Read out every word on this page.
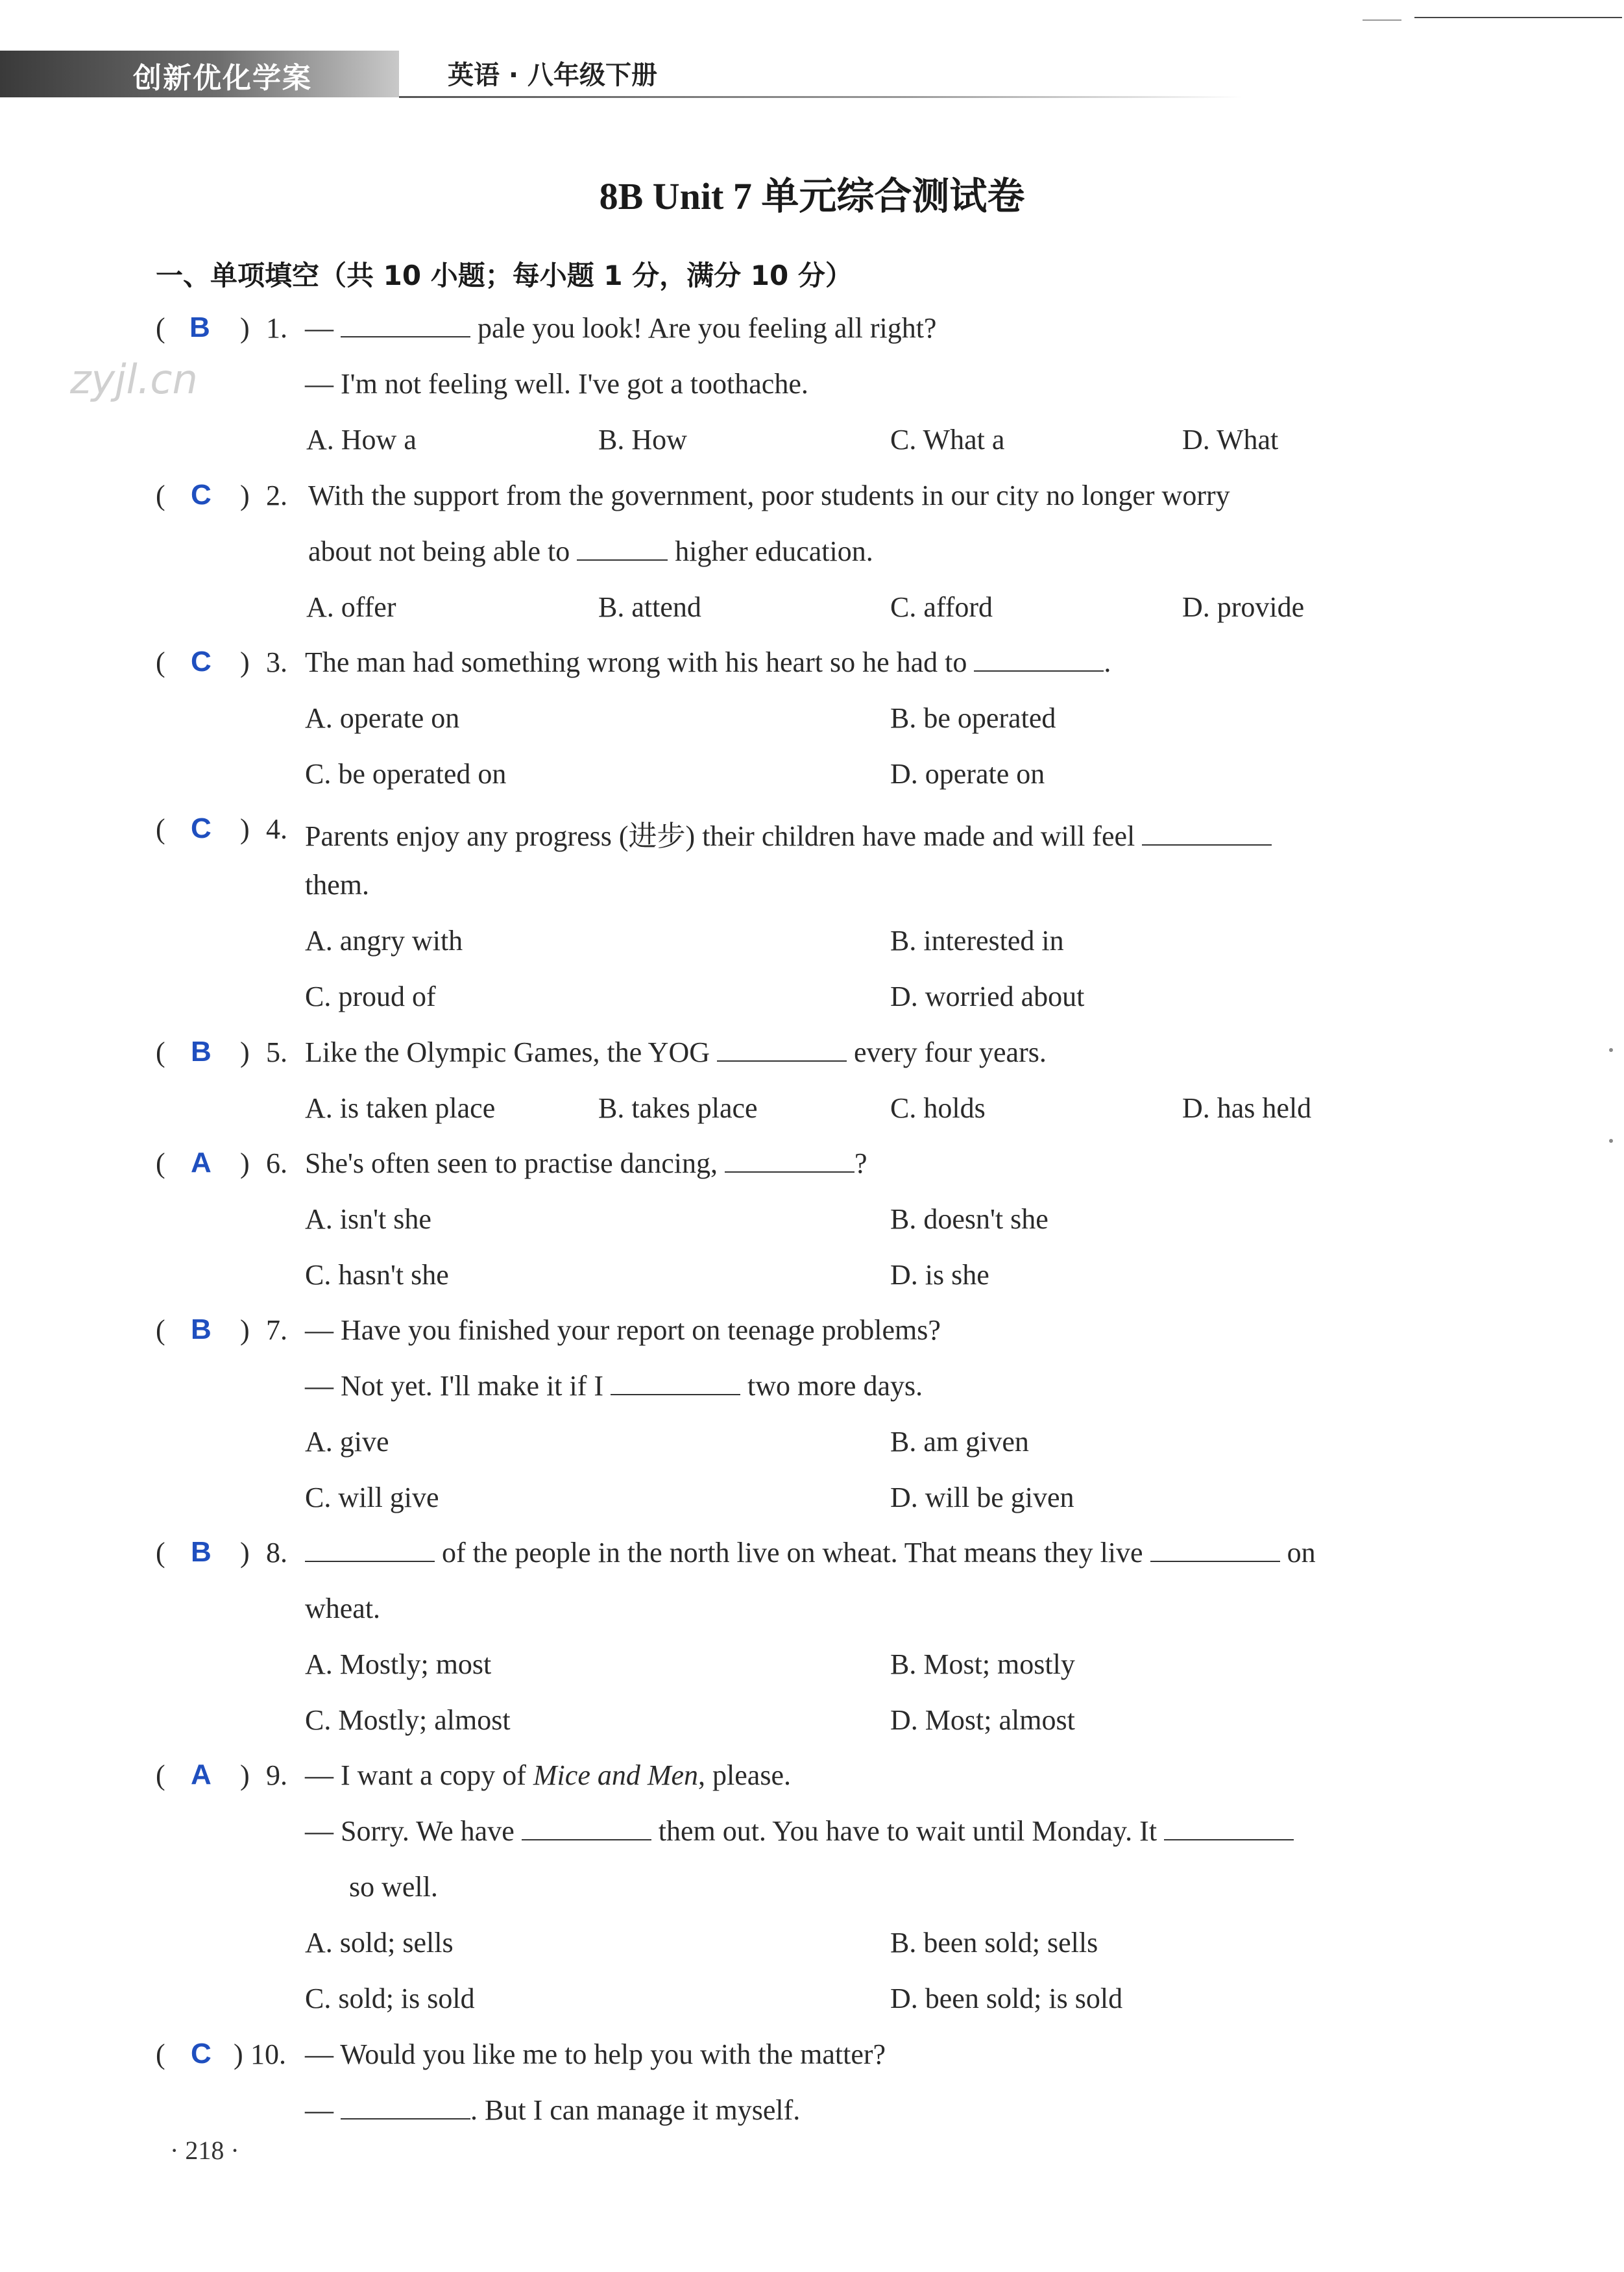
创新优化学案	英语 · 八年级下册
8B Unit 7 单元综合测试卷
一、单项填空（共 10 小题；每小题 1 分，满分 10 分）
zyjl.cn
( B ) 1. —	pale you look! Are you feeling all right?
— I'm not feeling well. I've got a toothache.
A. How a	B. How	C. What a	D. What
( C ) 2. With the support from the government, poor students in our city no longer worry
about not being able to	higher education.
A. offer	B. attend	C. afford	D. provide
( C ) 3. The man had something wrong with his heart so he had to	.
A. operate on	B. be operated
C. be operated on	D. operate on
( C ) 4. Parents enjoy any progress (进步) their children have made and will feel
them.
A. angry with	B. interested in
C. proud of	D. worried about
( B ) 5. Like the Olympic Games, the YOG	every four years.
A. is taken place	B. takes place	C. holds	D. has held
( A ) 6. She's often seen to practise dancing,	?
A. isn't she	B. doesn't she
C. hasn't she	D. is she
( B ) 7. — Have you finished your report on teenage problems?
— Not yet. I'll make it if I	two more days.
A. give	B. am given
C. will give	D. will be given
( B ) 8.	of the people in the north live on wheat. That means they live	on
wheat.
A. Mostly; most	B. Most; mostly
C. Mostly; almost	D. Most; almost
( A ) 9. — I want a copy of Mice and Men, please.
— Sorry. We have	them out. You have to wait until Monday. It
so well.
A. sold; sells	B. been sold; sells
C. sold; is sold	D. been sold; is sold
( C ) 10. — Would you like me to help you with the matter?
—	. But I can manage it myself.
· 218 ·
